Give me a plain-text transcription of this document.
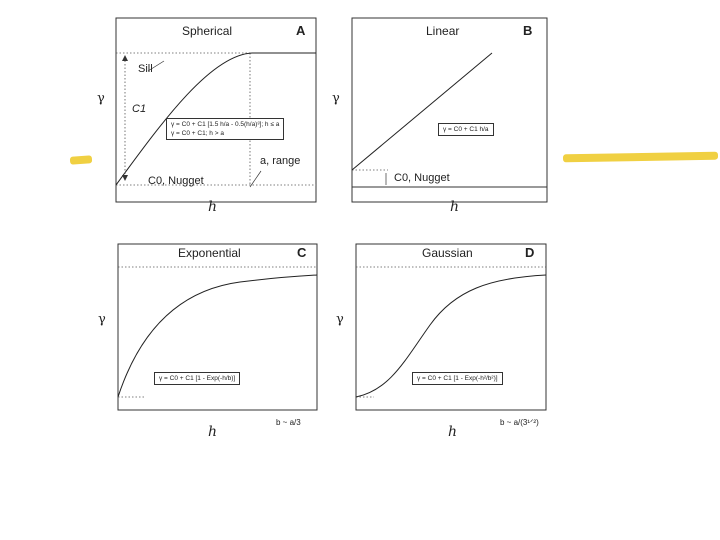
Spherical	A
γ
Sill
C1
C0, Nugget
a, range
γ = C0 + C1 [1.5 h/a - 0.5(h/a)³]; h ≤ a
γ = C0 + C1; h > a
h
Linear	B
γ
γ = C0 + C1 h/a
C0, Nugget
h
Exponential	C
γ
γ = C0 + C1 [1 - Exp(-h/b)]
b ~ a/3
h
Gaussian	D
γ
γ = C0 + C1 [1 - Exp(-h²/b²)]
b ~ a/(3¹ᐟ²)
h
